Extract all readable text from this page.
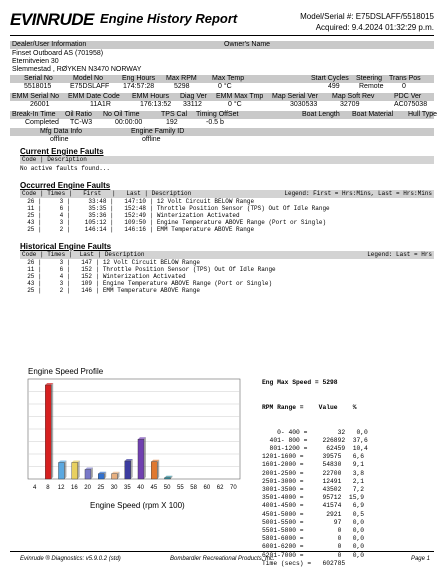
EVINRUDE Engine History Report	Model/Serial #: E75DSLAFF/5518015
Acquired: 9.4.2024 01:32:29 p.m.
Dealer/User Information	Owner's Name
Finset Outboard AS (701958)
Eternitveien 30
Slemmestad , RØYKEN N3470 NORWAY
Serial No	Model No	Eng Hours Max RPM Max Temp	Start Cycles Steering Trans Pos
5518015	E75DSLAFF 174:57:28	5298	0 °C	499	Remote	0
EMM Serial No EMM Date Code EMM Hours Diag Ver EMM Max Tmp Map Serial Ver Map Soft Rev	PDC Ver
26001	11A1R	176:13:52 33112	0 °C	3030533	32709	AC075038
Break-In Time Oil Ratio No Oil Time	TPS Cal Timing OffSet	Boat Length Boat Material Hull Type
Completed TC-W3	00:00:00	192	-0.5 b
Mfg Data Info	Engine Family ID
offline	offline
Current Engine Faults
Code | Description
No active faults found...
Occurred Engine Faults
Code | Times |   First   |   Last | Description	Legend: First = Hrs:Mins, Last = Hrs:Mins
26 |     3 |     33:48 |   147:10 | 12 Volt Circuit BELOW Range
11 |     6 |     35:35 |   152:48 | Throttle Position Sensor (TPS) Out Of Idle Range
25 |     4 |     35:36 |   152:49 | Winterization Activated
43 |     3 |    105:12 |   109:50 | Engine Temperature ABOVE Range (Port or Single)
25 |     2 |    146:14 |   146:16 | EMM Temperature ABOVE Range
Historical Engine Faults
Code | Times |  Last | Description	Legend: Last = Hrs
26 |     3 |   147 | 12 Volt Circuit BELOW Range
11 |     6 |   152 | Throttle Position Sensor (TPS) Out Of Idle Range
25 |     4 |   152 | Winterization Activated
43 |     3 |   109 | Engine Temperature ABOVE Range (Port or Single)
25 |     2 |   146 | EMM Temperature ABOVE Range
Engine Speed Profile
4 8 12 16 20 25 30 35 40 45 50 55 58 60 62 70
Engine Speed (rpm X 100)

Eng Max Speed = 5298

RPM Range =    Value    %

0- 400 =        32   0,0
401- 800 =    226892  37,6
801-1200 =     62459  10,4
1201-1600 =     39575   6,6
1601-2000 =     54830   9,1
2001-2500 =     22700   3,8
2501-3000 =     12491   2,1
3001-3500 =     43502   7,2
3501-4000 =     95712  15,9
4001-4500 =     41574   6,9
4501-5000 =      2921   0,5
5001-5500 =        97   0,0
5501-5800 =         0   0,0
5801-6000 =         0   0,0
6001-6200 =         0   0,0
6201-7000 =         0   0,0
Time (secs) =   602785

Evinrude ® Diagnostics: v5.9.0.2 (std)	Bombardier Recreational Products, Inc.	Page 1
